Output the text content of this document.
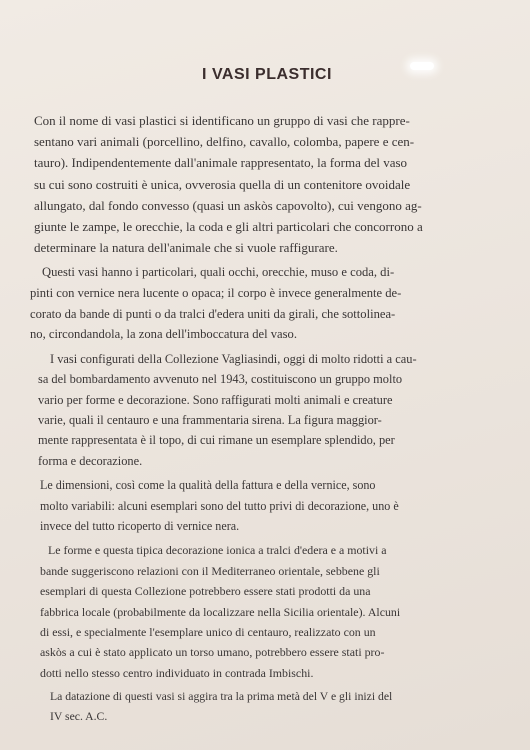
I VASI PLASTICI
Con il nome di vasi plastici si identificano un gruppo di vasi che rappre-
sentano vari animali (porcellino, delfino, cavallo, colomba, papere e cen-
tauro). Indipendentemente dall'animale rappresentato, la forma del vaso
su cui sono costruiti è unica, ovverosia quella di un contenitore ovoidale
allungato, dal fondo convesso (quasi un askòs capovolto), cui vengono ag-
giunte le zampe, le orecchie, la coda e gli altri particolari che concorrono a
determinare la natura dell'animale che si vuole raffigurare.
Questi vasi hanno i particolari, quali occhi, orecchie, muso e coda, di-
pinti con vernice nera lucente o opaca; il corpo è invece generalmente de-
corato da bande di punti o da tralci d'edera uniti da girali, che sottolinea-
no, circondandola, la zona dell'imboccatura del vaso.
I vasi configurati della Collezione Vagliasindi, oggi di molto ridotti a cau-
sa del bombardamento avvenuto nel 1943, costituiscono un gruppo molto
vario per forme e decorazione. Sono raffigurati molti animali e creature
varie, quali il centauro e una frammentaria sirena. La figura maggior-
mente rappresentata è il topo, di cui rimane un esemplare splendido, per
forma e decorazione.
Le dimensioni, così come la qualità della fattura e della vernice, sono
molto variabili: alcuni esemplari sono del tutto privi di decorazione, uno è
invece del tutto ricoperto di vernice nera.
Le forme e questa tipica decorazione ionica a tralci d'edera e a motivi a
bande suggeriscono relazioni con il Mediterraneo orientale, sebbene gli
esemplari di questa Collezione potrebbero essere stati prodotti da una
fabbrica locale (probabilmente da localizzare nella Sicilia orientale). Alcuni
di essi, e specialmente l'esemplare unico di centauro, realizzato con un
askòs a cui è stato applicato un torso umano, potrebbero essere stati pro-
dotti nello stesso centro individuato in contrada Imbischi.
La datazione di questi vasi si aggira tra la prima metà del V e gli inizi del
IV sec. A.C.
